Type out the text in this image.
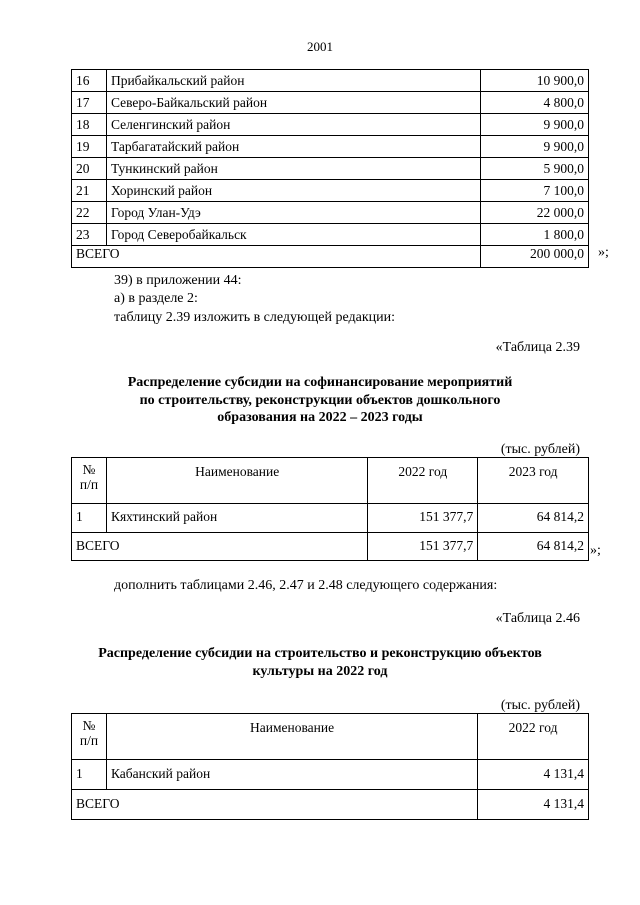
2001
16	Прибайкальский район	10 900,0
17	Северо-Байкальский район	4 800,0
18	Селенгинский район	9 900,0
19	Тарбагатайский район	9 900,0
20	Тункинский район	5 900,0
21	Хоринский район	7 100,0
22	Город Улан-Удэ	22 000,0
23	Город Северобайкальск	1 800,0
ВСЕГО		200 000,0 »;
39) в приложении 44:
а) в разделе 2:
таблицу 2.39 изложить в следующей редакции:
«Таблица 2.39
Распределение субсидии на софинансирование мероприятий
по строительству, реконструкции объектов дошкольного
образования на 2022 – 2023 годы
(тыс. рублей)
№
п/п	Наименование	2022 год	2023 год
1	Кяхтинский район	151 377,7	64 814,2
ВСЕГО		151 377,7	64 814,2 »;
дополнить таблицами 2.46, 2.47 и 2.48 следующего содержания:
«Таблица 2.46
Распределение субсидии на строительство и реконструкцию объектов
культуры на 2022 год
(тыс. рублей)
№
п/п	Наименование	2022 год
1	Кабанский район	4 131,4
ВСЕГО		4 131,4
